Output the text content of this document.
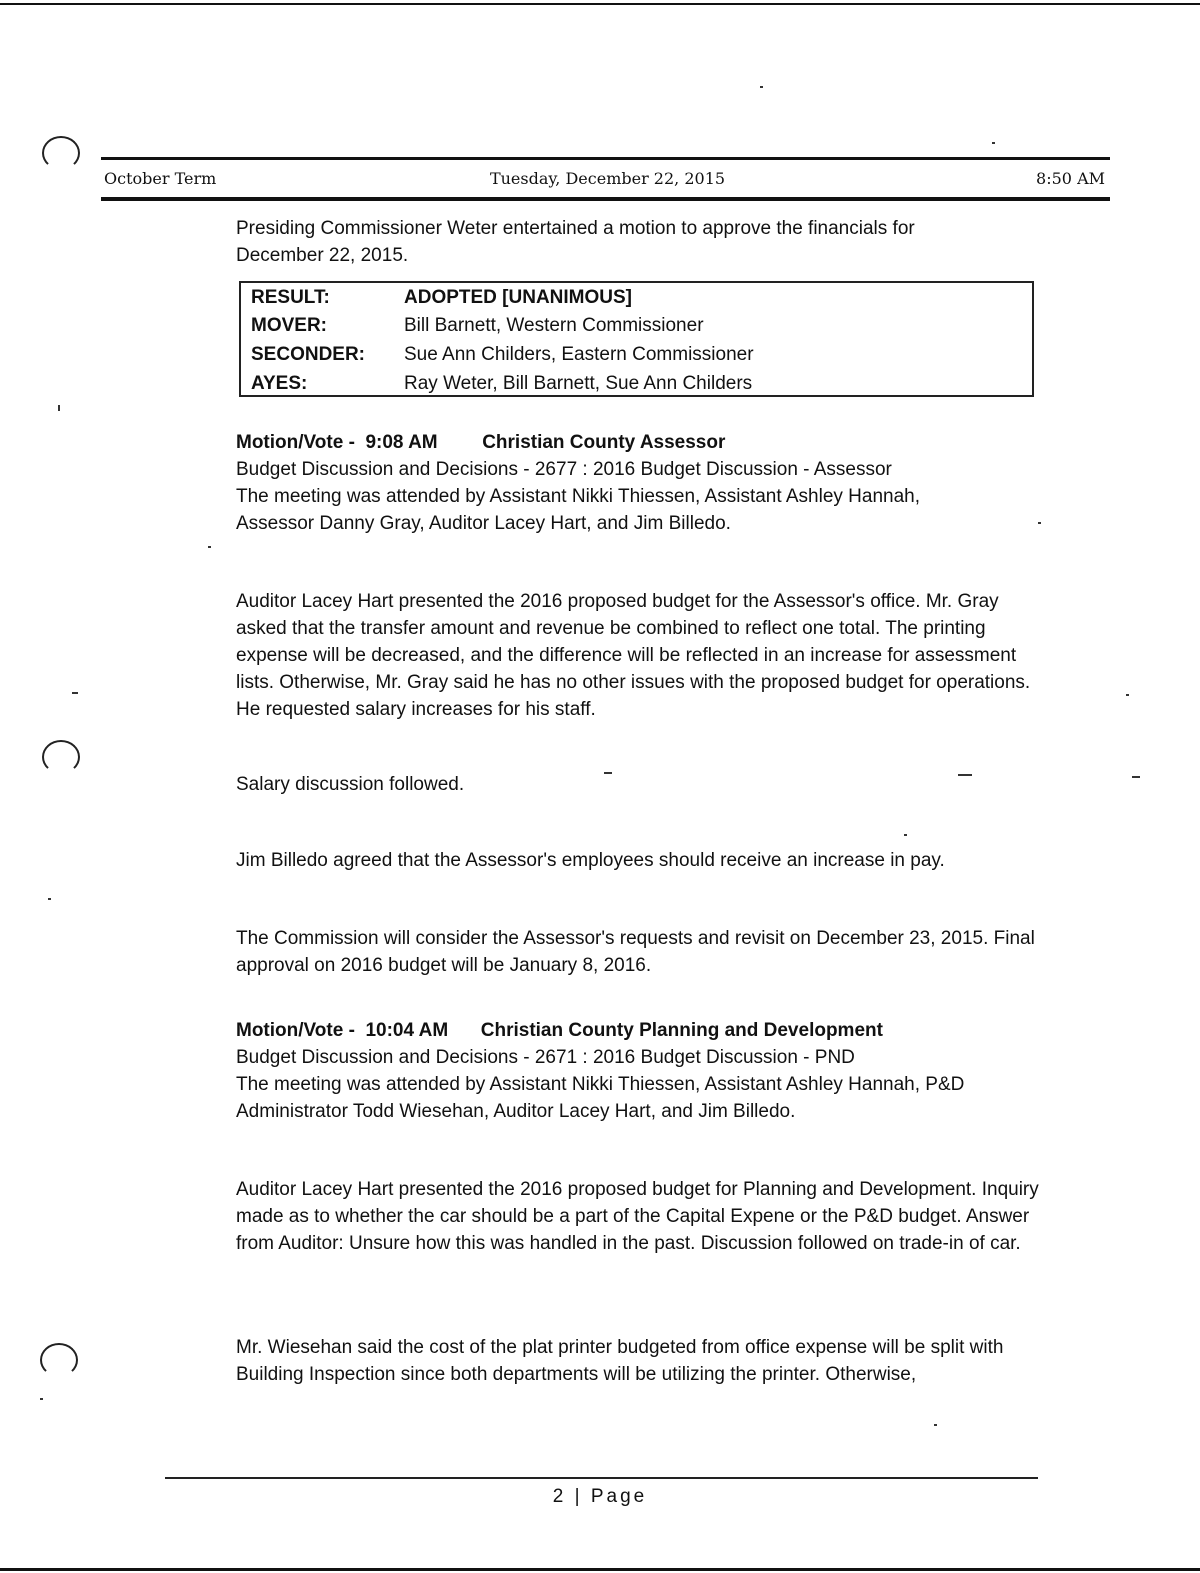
October Term	Tuesday, December 22, 2015	8:50 AM

Presiding Commissioner Weter entertained a motion to approve the financials for December 22, 2015.

RESULT:	ADOPTED [UNANIMOUS]
MOVER:	Bill Barnett, Western Commissioner
SECONDER: Sue Ann Childers, Eastern Commissioner
AYES:	Ray Weter, Bill Barnett, Sue Ann Childers

Motion/Vote - 9:08 AM Christian County Assessor

Budget Discussion and Decisions - 2677 : 2016 Budget Discussion - Assessor

The meeting was attended by Assistant Nikki Thiessen, Assistant Ashley Hannah, Assessor Danny Gray, Auditor Lacey Hart, and Jim Billedo.

Auditor Lacey Hart presented the 2016 proposed budget for the Assessor's office. Mr. Gray asked that the transfer amount and revenue be combined to reflect one total. The printing expense will be decreased, and the difference will be reflected in an increase for assessment lists. Otherwise, Mr. Gray said he has no other issues with the proposed budget for operations. He requested salary increases for his staff.

Salary discussion followed.

Jim Billedo agreed that the Assessor's employees should receive an increase in pay.

The Commission will consider the Assessor's requests and revisit on December 23, 2015. Final approval on 2016 budget will be January 8, 2016.

Motion/Vote - 10:04 AM Christian County Planning and Development

Budget Discussion and Decisions - 2671 : 2016 Budget Discussion - PND

The meeting was attended by Assistant Nikki Thiessen, Assistant Ashley Hannah, P&D Administrator Todd Wiesehan, Auditor Lacey Hart, and Jim Billedo.

Auditor Lacey Hart presented the 2016 proposed budget for Planning and Development. Inquiry made as to whether the car should be a part of the Capital Expene or the P&D budget. Answer from Auditor: Unsure how this was handled in the past. Discussion followed on trade-in of car.

Mr. Wiesehan said the cost of the plat printer budgeted from office expense will be split with Building Inspection since both departments will be utilizing the printer. Otherwise,

2 | Page
